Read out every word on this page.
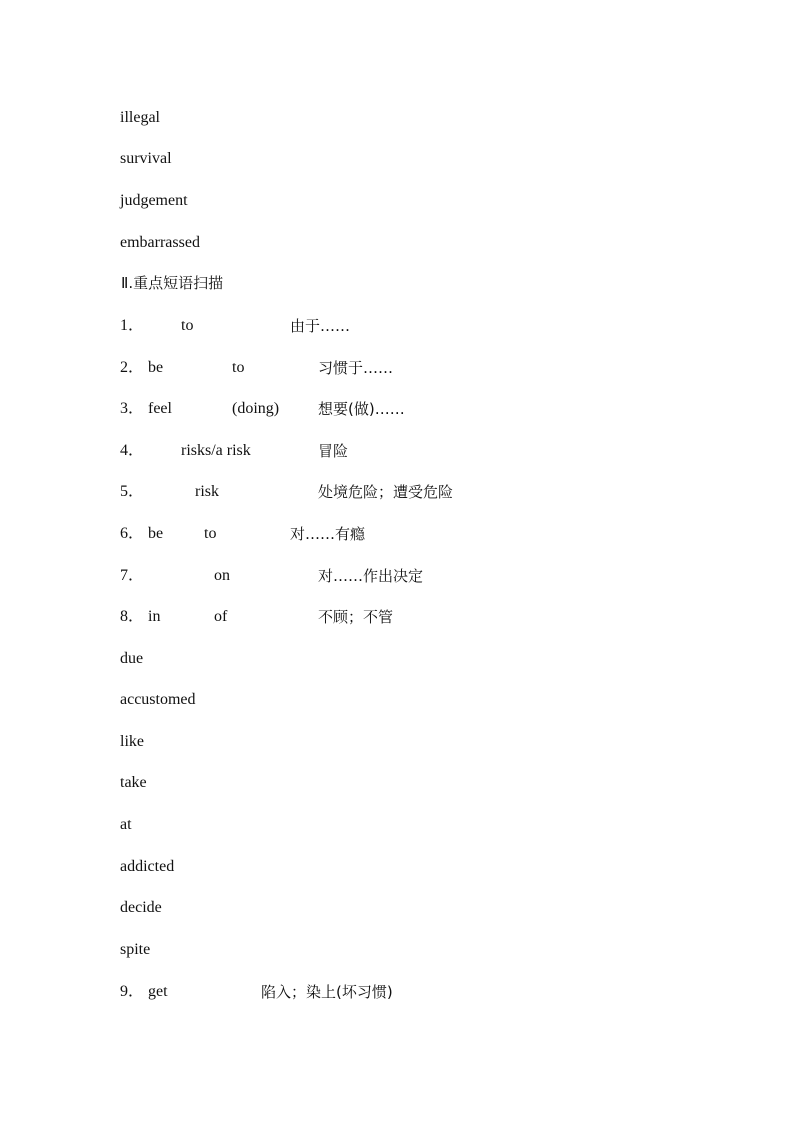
illegal
survival
judgement
embarrassed
Ⅱ.重点短语扫描
1． to	由于……
2． be	to	习惯于……
3． feel	(doing)	想要(做)……
4． risks/a risk	冒险
5．	risk	处境危险；遭受危险
6． be	to	对……有瘾
7．	on	对……作出决定
8． in	of	不顾；不管
due
accustomed
like
take
at
addicted
decide
spite
9． get	陷入；染上(坏习惯)
